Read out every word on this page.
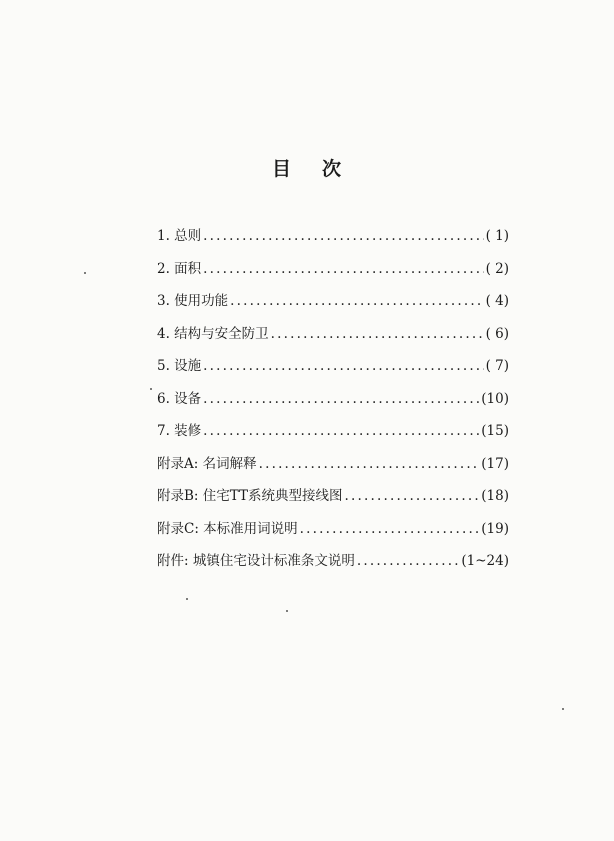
目 次
1. 总则 .....	( 1)
2. 面积 .....	( 2)
3. 使用功能 .....	( 4)
4. 结构与安全防卫 .....	( 6)
5. 设施 .....	( 7)
6. 设备 .....	(10)
7. 装修 .....	(15)
附录A: 名词解释 .....	(17)
附录B: 住宅TT系统典型接线图 .....	(18)
附录C: 本标准用词说明 .....	(19)
附件: 城镇住宅设计标准条文说明 .....	(1~24)
